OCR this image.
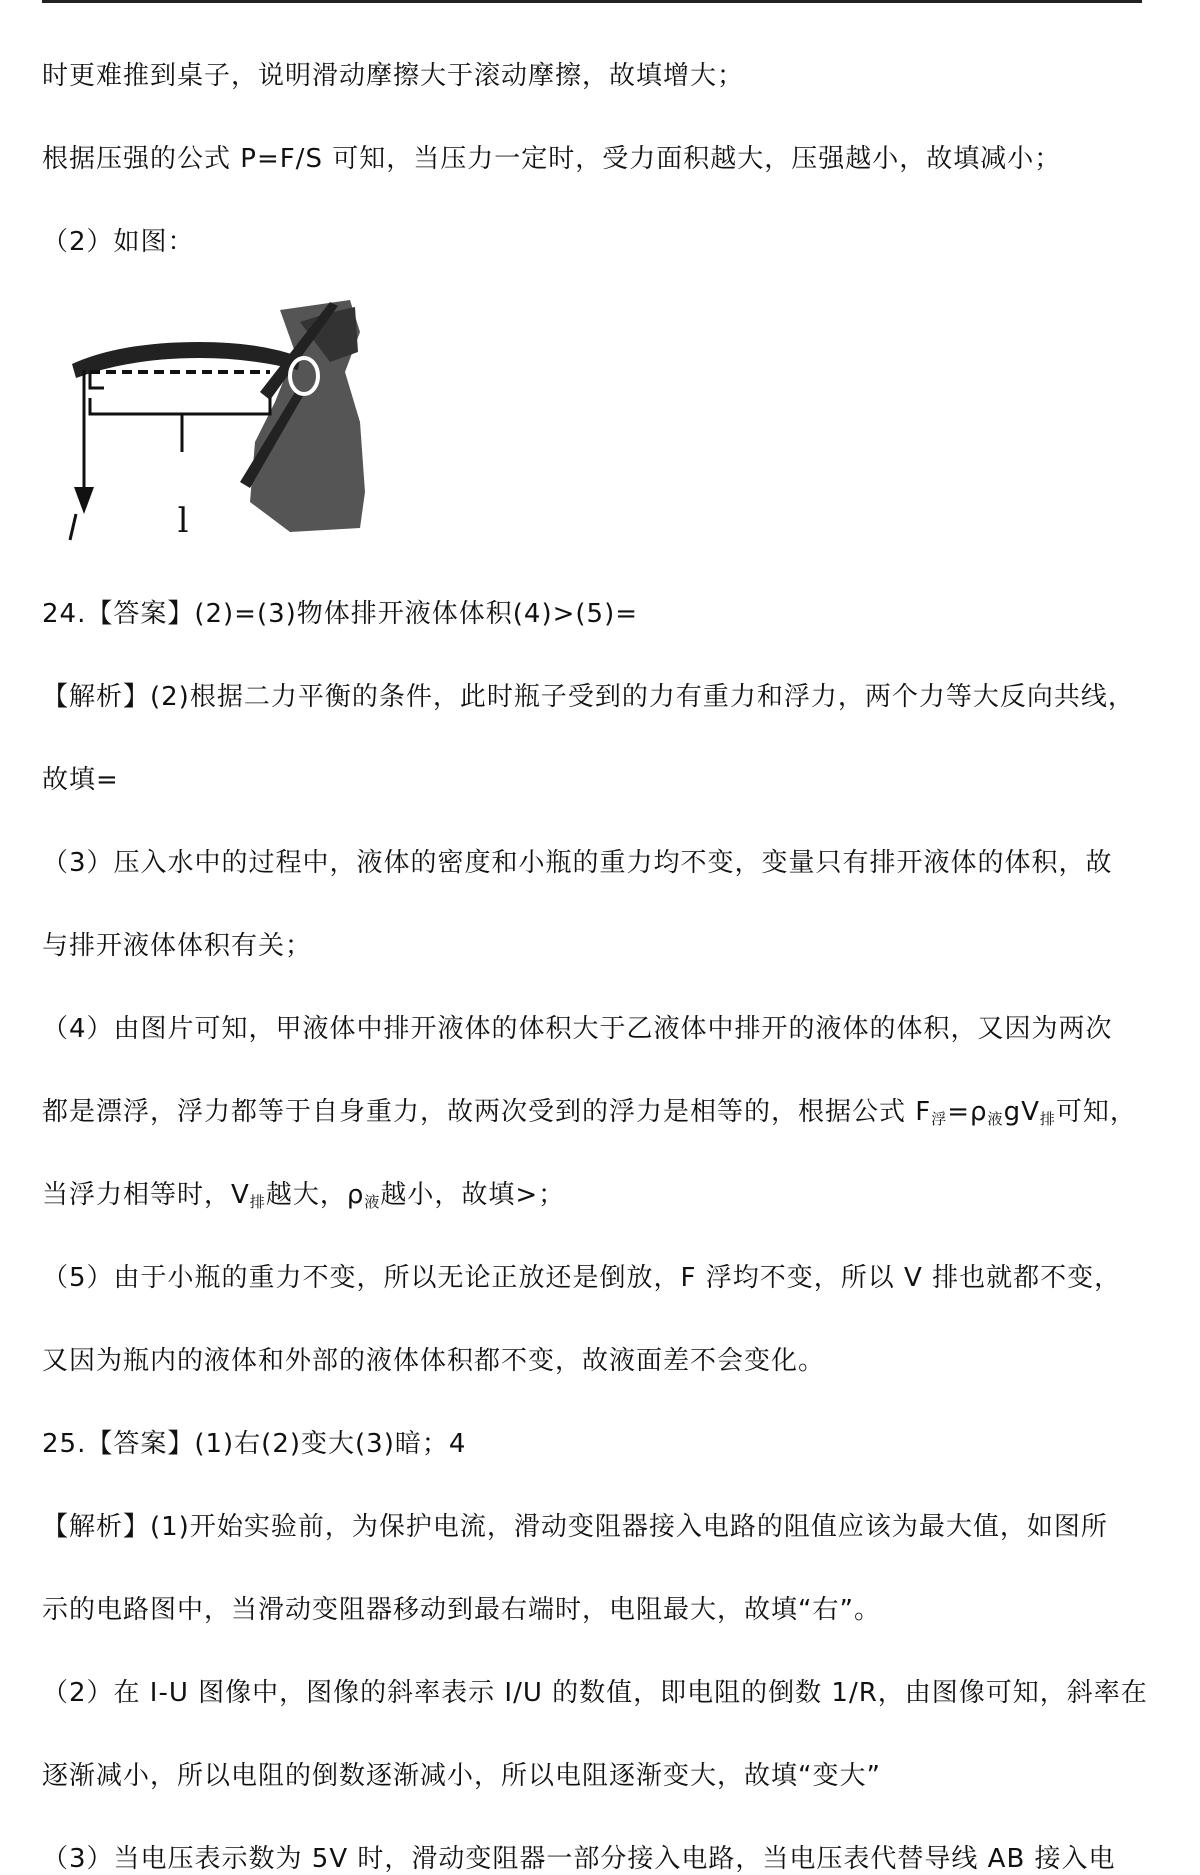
时更难推到桌子，说明滑动摩擦大于滚动摩擦，故填增大；
根据压强的公式 P=F/S 可知，当压力一定时，受力面积越大，压强越小，故填减小；
（2）如图：
l
24.【答案】(2)=(3)物体排开液体体积(4)>(5)=
【解析】(2)根据二力平衡的条件，此时瓶子受到的力有重力和浮力，两个力等大反向共线，
故填=
（3）压入水中的过程中，液体的密度和小瓶的重力均不变，变量只有排开液体的体积，故
与排开液体体积有关；
（4）由图片可知，甲液体中排开液体的体积大于乙液体中排开的液体的体积，又因为两次
都是漂浮，浮力都等于自身重力，故两次受到的浮力是相等的，根据公式 $F_浮=\rho_液gV_排$可知，
当浮力相等时，$V_排$越大，$\rho_液$越小，故填>；
（5）由于小瓶的重力不变，所以无论正放还是倒放，F 浮均不变，所以 V 排也就都不变，
又因为瓶内的液体和外部的液体体积都不变，故液面差不会变化。
25.【答案】(1)右(2)变大(3)暗；4
【解析】(1)开始实验前，为保护电流，滑动变阻器接入电路的阻值应该为最大值，如图所
示的电路图中，当滑动变阻器移动到最右端时，电阻最大，故填“右”。
（2）在 I-U 图像中，图像的斜率表示 I/U 的数值，即电阻的倒数 1/R，由图像可知，斜率在
逐渐减小，所以电阻的倒数逐渐减小，所以电阻逐渐变大，故填“变大”
（3）当电压表示数为 5V 时，滑动变阻器一部分接入电路，当电压表代替导线 AB 接入电
